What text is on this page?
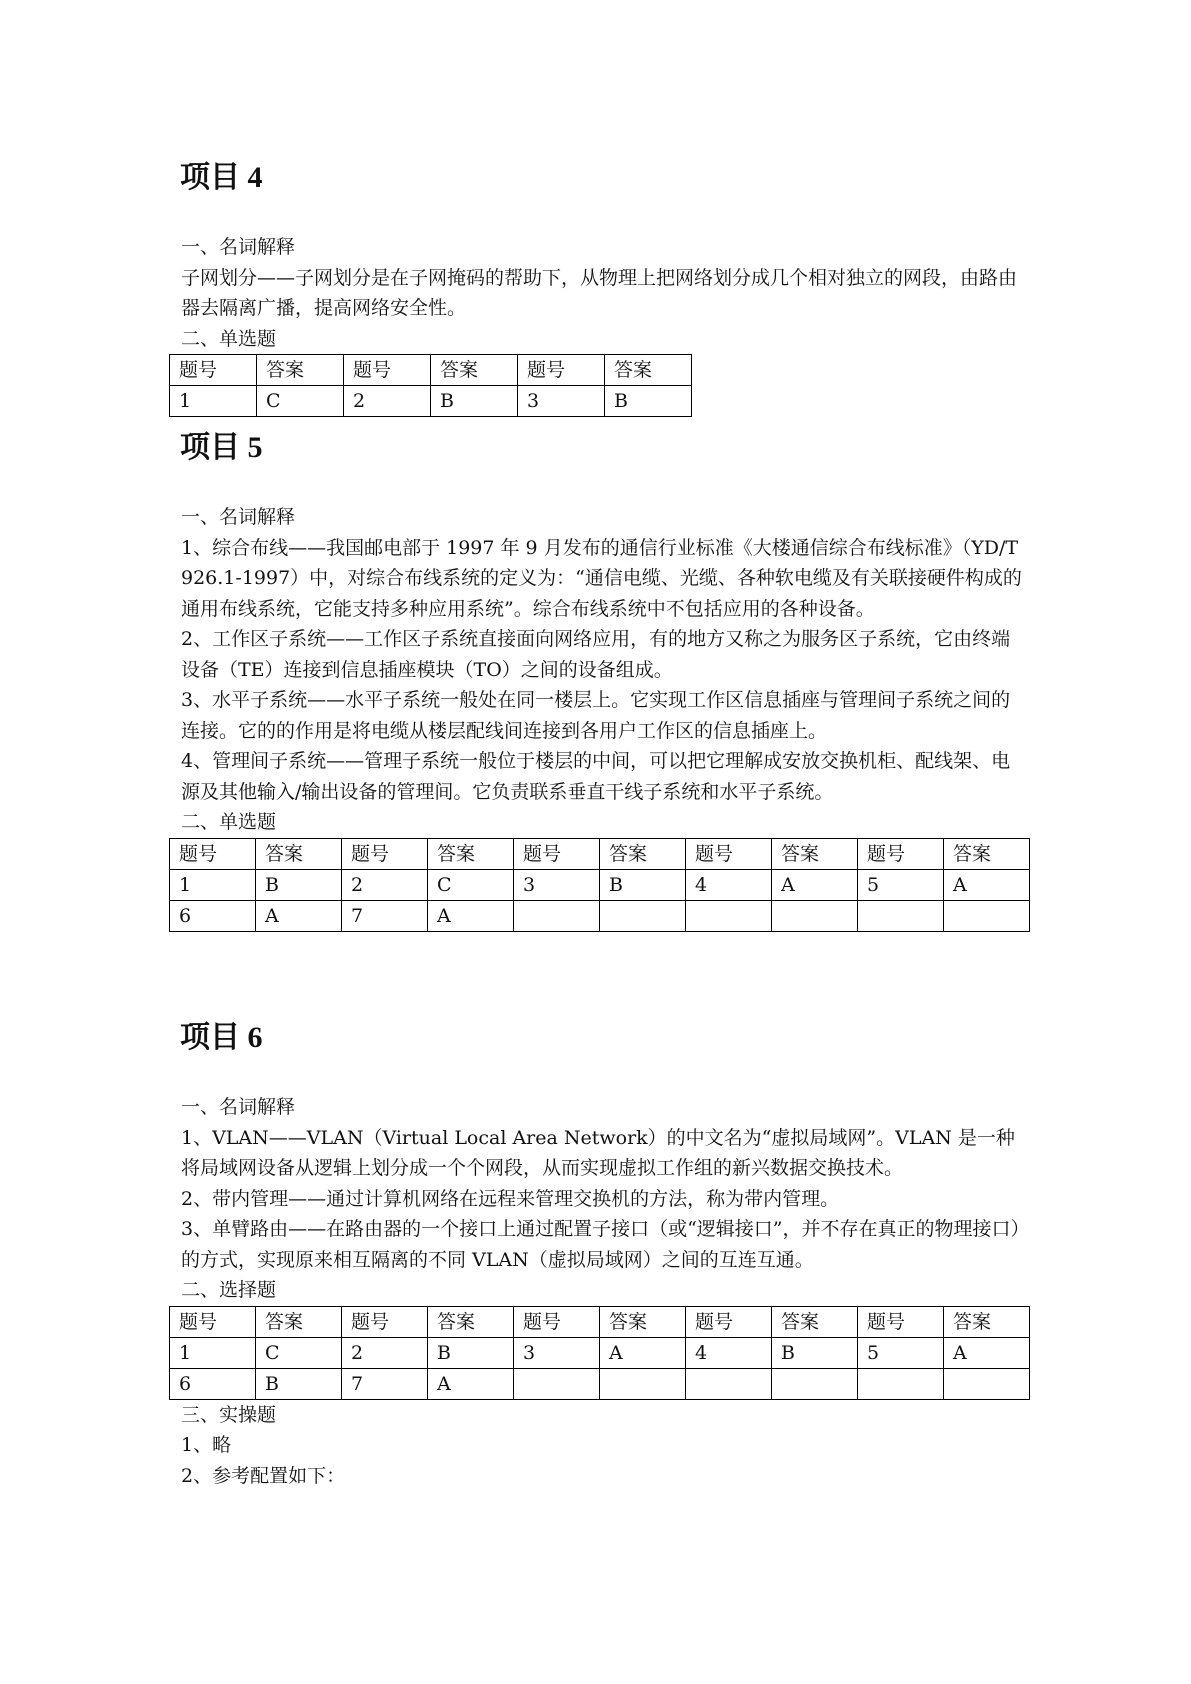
项目 4
一、名词解释
子网划分——子网划分是在子网掩码的帮助下，从物理上把网络划分成几个相对独立的网段，由路由器去隔离广播，提高网络安全性。
二、单选题
题号	答案	题号	答案	题号	答案
1	C	2	B	3	B
项目 5
一、名词解释
1、综合布线——我国邮电部于 1997 年 9 月发布的通信行业标准《大楼通信综合布线标准》（YD/T 926.1-1997）中，对综合布线系统的定义为：“通信电缆、光缆、各种软电缆及有关联接硬件构成的通用布线系统，它能支持多种应用系统”。综合布线系统中不包括应用的各种设备。
2、工作区子系统——工作区子系统直接面向网络应用，有的地方又称之为服务区子系统，它由终端设备（TE）连接到信息插座模块（TO）之间的设备组成。
3、水平子系统——水平子系统一般处在同一楼层上。它实现工作区信息插座与管理间子系统之间的连接。它的的作用是将电缆从楼层配线间连接到各用户工作区的信息插座上。
4、管理间子系统——管理子系统一般位于楼层的中间，可以把它理解成安放交换机柜、配线架、电源及其他输入/输出设备的管理间。它负责联系垂直干线子系统和水平子系统。
二、单选题
题号	答案	题号	答案	题号	答案	题号	答案	题号	答案
1	B	2	C	3	B	4	A	5	A
6	A	7	A						
项目 6
一、名词解释
1、VLAN——VLAN（Virtual Local Area Network）的中文名为“虚拟局域网”。VLAN 是一种将局域网设备从逻辑上划分成一个个网段，从而实现虚拟工作组的新兴数据交换技术。
2、带内管理——通过计算机网络在远程来管理交换机的方法，称为带内管理。
3、单臂路由——在路由器的一个接口上通过配置子接口（或“逻辑接口”，并不存在真正的物理接口）的方式，实现原来相互隔离的不同 VLAN（虚拟局域网）之间的互连互通。
二、选择题
题号	答案	题号	答案	题号	答案	题号	答案	题号	答案
1	C	2	B	3	A	4	B	5	A
6	B	7	A						
三、实操题
1、略
2、参考配置如下：
